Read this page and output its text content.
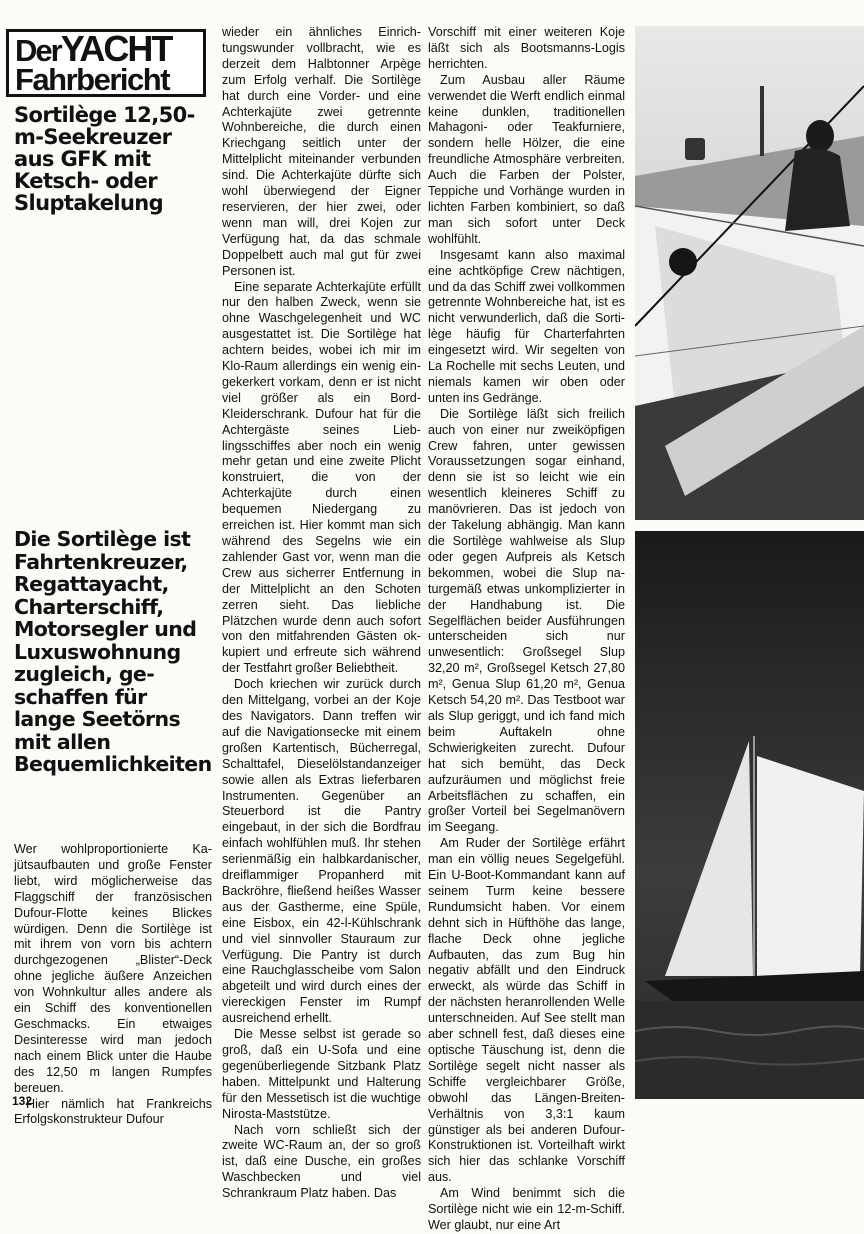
DerYACHT
Fahrbericht
Sortilège 12,50-m-Seekreuzer aus GFK mit Ketsch- oder Sluptakelung
Die Sortilège ist Fahrtenkreuzer, Regattayacht, Charterschiff, Motorsegler und Luxuswohnung zugleich, geschaffen für lange Seetörns mit allen Bequemlichkeiten

Wer wohlproportionierte Kajütsaufbauten und große Fenster liebt, wird möglicherweise das Flaggschiff der französischen Dufour-Flotte keines Blickes würdigen. Denn die Sortilège ist mit ihrem von vorn bis achtern durchgezogenen „Blister“-Deck ohne jegliche äußere Anzeichen von Wohnkultur alles andere als ein Schiff des konventionellen Geschmacks. Ein etwaiges Desinteresse wird man jedoch nach einem Blick unter die Haube des 12,50 m langen Rumpfes bereuen.

Hier nämlich hat Frankreichs Erfolgskonstrukteur Dufour

wieder ein ähnliches Einrichtungswunder vollbracht, wie es derzeit dem Halbtonner Arpège zum Erfolg verhalf. Die Sortilège hat durch eine Vorder- und eine Achterkajüte zwei getrennte Wohnbereiche, die durch einen Kriechgang seitlich unter der Mittelplicht miteinander verbunden sind. Die Achterkajüte dürfte sich wohl überwiegend der Eigner reservieren, der hier zwei, oder wenn man will, drei Kojen zur Verfügung hat, da das schmale Doppelbett auch mal gut für zwei Personen ist.

Eine separate Achterkajüte erfüllt nur den halben Zweck, wenn sie ohne Waschgelegenheit und WC ausgestattet ist. Die Sortilège hat achtern beides, wobei ich mir im Klo-Raum allerdings ein wenig eingekerkert vorkam, denn er ist nicht viel größer als ein Bord-Kleiderschrank. Dufour hat für die Achtergäste seines Lieblingsschiffes aber noch ein wenig mehr getan und eine zweite Plicht konstruiert, die von der Achterkajüte durch einen bequemen Niedergang zu erreichen ist. Hier kommt man sich während des Segelns wie ein zahlender Gast vor, wenn man die Crew aus sicherrer Entfernung in der Mittelplicht an den Schoten zerren sieht. Das liebliche Plätzchen wurde denn auch sofort von den mitfahrenden Gästen okkupiert und erfreute sich während der Testfahrt großer Beliebtheit.

Doch kriechen wir zurück durch den Mittelgang, vorbei an der Koje des Navigators. Dann treffen wir auf die Navigationsecke mit einem großen Kartentisch, Bücherregal, Schalttafel, Dieselölstandanzeiger sowie allen als Extras lieferbaren Instrumenten. Gegenüber an Steuerbord ist die Pantry eingebaut, in der sich die Bordfrau einfach wohlfühlen muß. Ihr stehen serienmäßig ein halbkardanischer, dreiflammiger Propanherd mit Backröhre, fließend heißes Wasser aus der Gastherme, eine Spüle, eine Eisbox, ein 42-l-Kühlschrank und viel sinnvoller Stauraum zur Verfügung. Die Pantry ist durch eine Rauchglasscheibe vom Salon abgeteilt und wird durch eines der viereckigen Fenster im Rumpf ausreichend erhellt.

Die Messe selbst ist gerade so groß, daß ein U-Sofa und eine gegenüberliegende Sitzbank Platz haben. Mittelpunkt und Halterung für den Messetisch ist die wuchtige Nirosta-Maststütze.

Nach vorn schließt sich der zweite WC-Raum an, der so groß ist, daß eine Dusche, ein großes Waschbecken und viel Schrankraum Platz haben. Das

Vorschiff mit einer weiteren Koje läßt sich als Bootsmanns-Logis herrichten.

Zum Ausbau aller Räume verwendet die Werft endlich einmal keine dunklen, traditionellen Mahagoni- oder Teakfurniere, sondern helle Hölzer, die eine freundliche Atmosphäre verbreiten. Auch die Farben der Polster, Teppiche und Vorhänge wurden in lichten Farben kombiniert, so daß man sich sofort unter Deck wohlfühlt.

Insgesamt kann also maximal eine achtköpfige Crew nächtigen, und da das Schiff zwei vollkommen getrennte Wohnbereiche hat, ist es nicht verwunderlich, daß die Sortilège häufig für Charterfahrten eingesetzt wird. Wir segelten von La Rochelle mit sechs Leuten, und niemals kamen wir oben oder unten ins Gedränge.

Die Sortilège läßt sich freilich auch von einer nur zweiköpfigen Crew fahren, unter gewissen Voraussetzungen sogar einhand, denn sie ist so leicht wie ein wesentlich kleineres Schiff zu manövrieren. Das ist jedoch von der Takelung abhängig. Man kann die Sortilège wahlweise als Slup oder gegen Aufpreis als Ketsch bekommen, wobei die Slup naturgemäß etwas unkomplizierter in der Handhabung ist. Die Segelflächen beider Ausführungen unterscheiden sich nur unwesentlich: Großsegel Slup 32,20 m², Großsegel Ketsch 27,80 m², Genua Slup 61,20 m², Genua Ketsch 54,20 m². Das Testboot war als Slup geriggt, und ich fand mich beim Auftakeln ohne Schwierigkeiten zurecht. Dufour hat sich bemüht, das Deck aufzuräumen und möglichst freie Arbeitsflächen zu schaffen, ein großer Vorteil bei Segelmanövern im Seegang.

Am Ruder der Sortilège erfährt man ein völlig neues Segelgefühl. Ein U-Boot-Kommandant kann auf seinem Turm keine bessere Rundumsicht haben. Vor einem dehnt sich in Hüfthöhe das lange, flache Deck ohne jegliche Aufbauten, das zum Bug hin negativ abfällt und den Eindruck erweckt, als würde das Schiff in der nächsten heranrollenden Welle unterschneiden. Auf See stellt man aber schnell fest, daß dieses eine optische Täuschung ist, denn die Sortilège segelt nicht nasser als Schiffe vergleichbarer Größe, obwohl das Längen-Breiten-Verhältnis von 3,3:1 kaum günstiger als bei anderen Dufour-Konstruktionen ist. Vorteilhaft wirkt sich hier das schlanke Vorschiff aus.

Am Wind benimmt sich die Sortilège nicht wie ein 12-m-Schiff. Wer glaubt, nur eine Art

132
